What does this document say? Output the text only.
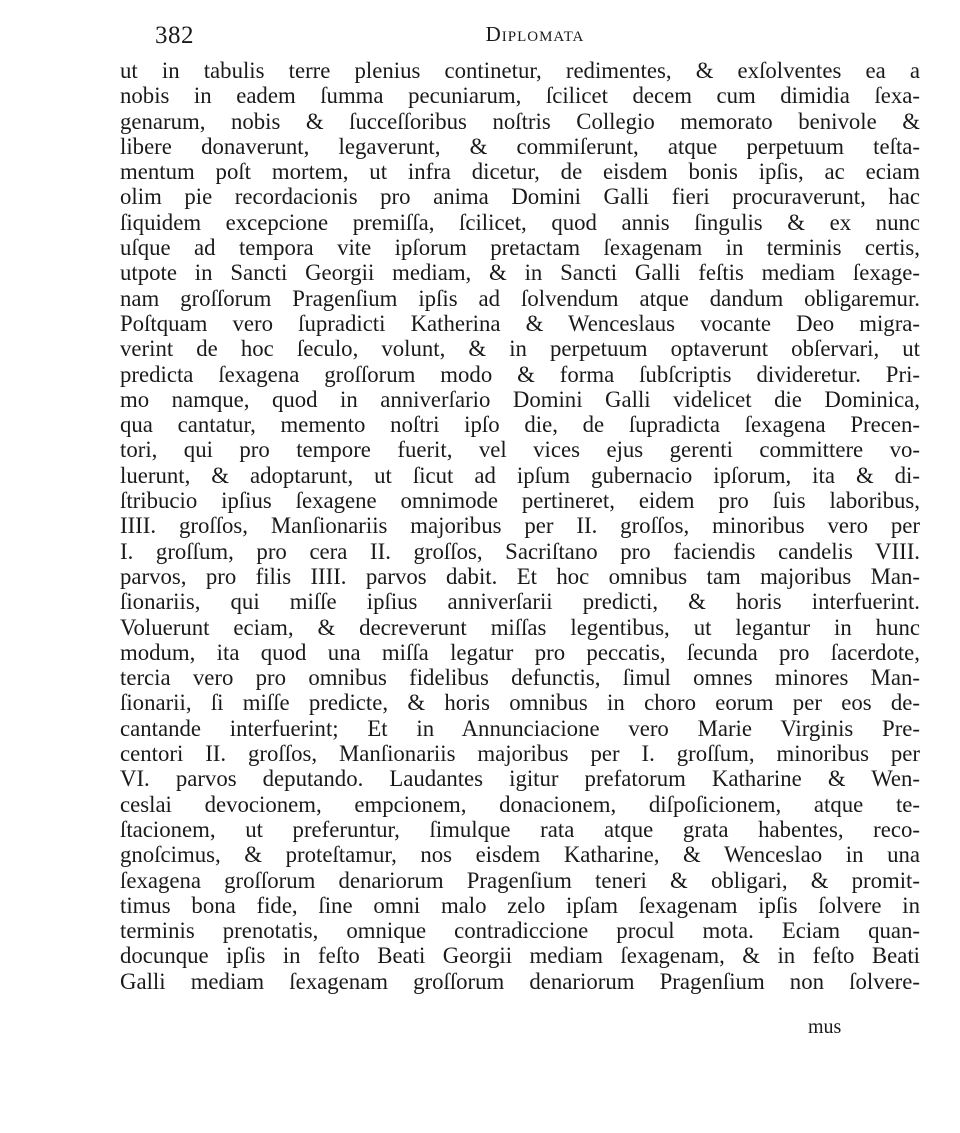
382	Diplomata
ut in tabulis terre plenius continetur, redimentes, & exſolventes ea a
nobis in eadem ſumma pecuniarum, ſcilicet decem cum dimidia ſexa-
genarum, nobis & ſucceſſoribus noſtris Collegio memorato benivole &
libere donaverunt, legaverunt, & commiſerunt, atque perpetuum teſta-
mentum poſt mortem, ut infra dicetur, de eisdem bonis ipſis, ac eciam
olim pie recordacionis pro anima Domini Galli fieri procuraverunt, hac
ſiquidem excepcione premiſſa, ſcilicet, quod annis ſingulis & ex nunc
uſque ad tempora vite ipſorum pretactam ſexagenam in terminis certis,
utpote in Sancti Georgii mediam, & in Sancti Galli feſtis mediam ſexage-
nam groſſorum Pragenſium ipſis ad ſolvendum atque dandum obligaremur.
Poſtquam vero ſupradicti Katherina & Wenceslaus vocante Deo migra-
verint de hoc ſeculo, volunt, & in perpetuum optaverunt obſervari, ut
predicta ſexagena groſſorum modo & forma ſubſcriptis divideretur. Pri-
mo namque, quod in anniverſario Domini Galli videlicet die Dominica,
qua cantatur, memento noſtri ipſo die, de ſupradicta ſexagena Precen-
tori, qui pro tempore fuerit, vel vices ejus gerenti committere vo-
luerunt, & adoptarunt, ut ſicut ad ipſum gubernacio ipſorum, ita & di-
ſtribucio ipſius ſexagene omnimode pertineret, eidem pro ſuis laboribus,
IIII. groſſos, Manſionariis majoribus per II. groſſos, minoribus vero per
I. groſſum, pro cera II. groſſos, Sacriſtano pro faciendis candelis VIII.
parvos, pro filis IIII. parvos dabit. Et hoc omnibus tam majoribus Man-
ſionariis, qui miſſe ipſius anniverſarii predicti, & horis interfuerint.
Voluerunt eciam, & decreverunt miſſas legentibus, ut legantur in hunc
modum, ita quod una miſſa legatur pro peccatis, ſecunda pro ſacerdote,
tercia vero pro omnibus fidelibus defunctis, ſimul omnes minores Man-
ſionarii, ſi miſſe predicte, & horis omnibus in choro eorum per eos de-
cantande interfuerint; Et in Annunciacione vero Marie Virginis Pre-
centori II. groſſos, Manſionariis majoribus per I. groſſum, minoribus per
VI. parvos deputando. Laudantes igitur prefatorum Katharine & Wen-
ceslai devocionem, empcionem, donacionem, diſpoſicionem, atque te-
ſtacionem, ut preferuntur, ſimulque rata atque grata habentes, reco-
gnoſcimus, & proteſtamur, nos eisdem Katharine, & Wenceslao in una
ſexagena groſſorum denariorum Pragenſium teneri & obligari, & promit-
timus bona fide, ſine omni malo zelo ipſam ſexagenam ipſis ſolvere in
terminis prenotatis, omnique contradiccione procul mota. Eciam quan-
docunque ipſis in feſto Beati Georgii mediam ſexagenam, & in feſto Beati
Galli mediam ſexagenam groſſorum denariorum Pragenſium non ſolvere-
mus
